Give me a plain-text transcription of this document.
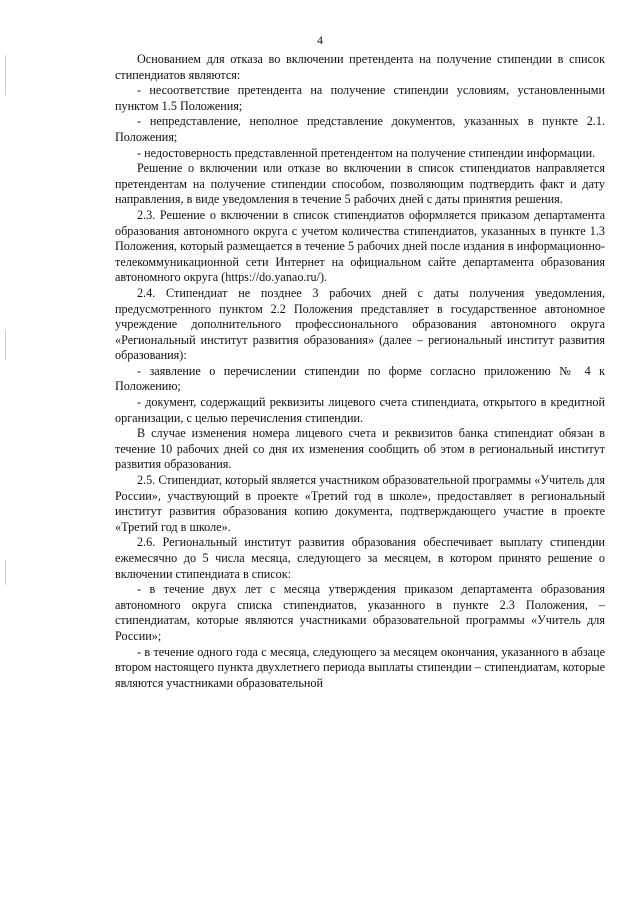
4

Основанием для отказа во включении претендента на получение стипендии в список стипендиатов являются:

- несоответствие претендента на получение стипендии условиям, установленными пунктом 1.5 Положения;

- непредставление, неполное представление документов, указанных в пункте 2.1. Положения;

- недостоверность представленной претендентом на получение стипендии информации.

Решение о включении или отказе во включении в список стипендиатов направляется претендентам на получение стипендии способом, позволяющим подтвердить факт и дату направления, в виде уведомления в течение 5 рабочих дней с даты принятия решения.

2.3. Решение о включении в список стипендиатов оформляется приказом департамента образования автономного округа с учетом количества стипендиатов, указанных в пункте 1.3 Положения, который размещается в течение 5 рабочих дней после издания в информационно-телекоммуникационной сети Интернет на официальном сайте департамента образования автономного округа (https://do.yanao.ru/).

2.4. Стипендиат не позднее 3 рабочих дней с даты получения уведомления, предусмотренного пунктом 2.2 Положения представляет в государственное автономное учреждение дополнительного профессионального образования автономного округа «Региональный институт развития образования» (далее – региональный институт развития образования):

- заявление о перечислении стипендии по форме согласно приложению № 4 к Положению;

- документ, содержащий реквизиты лицевого счета стипендиата, открытого в кредитной организации, с целью перечисления стипендии.

В случае изменения номера лицевого счета и реквизитов банка стипендиат обязан в течение 10 рабочих дней со дня их изменения сообщить об этом в региональный институт развития образования.

2.5. Стипендиат, который является участником образовательной программы «Учитель для России», участвующий в проекте «Третий год в школе», предоставляет в региональный институт развития образования копию документа, подтверждающего участие в проекте «Третий год в школе».

2.6. Региональный институт развития образования обеспечивает выплату стипендии ежемесячно до 5 числа месяца, следующего за месяцем, в котором принято решение о включении стипендиата в список:

- в течение двух лет с месяца утверждения приказом департамента образования автономного округа списка стипендиатов, указанного в пункте 2.3 Положения, – стипендиатам, которые являются участниками образовательной программы «Учитель для России»;

- в течение одного года с месяца, следующего за месяцем окончания, указанного в абзаце втором настоящего пункта двухлетнего периода выплаты стипендии – стипендиатам, которые являются участниками образовательной
